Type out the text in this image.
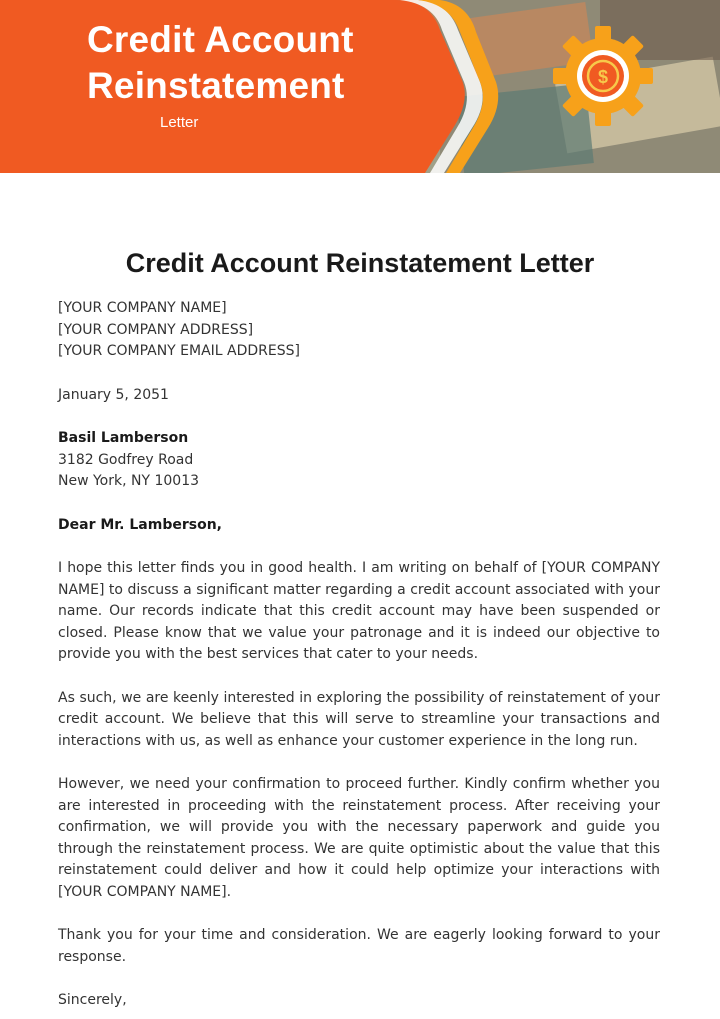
Credit Account Reinstatement
Letter
$
Credit Account Reinstatement Letter
[YOUR COMPANY NAME]
[YOUR COMPANY ADDRESS]
[YOUR COMPANY EMAIL ADDRESS]
January 5, 2051
Basil Lamberson
3182 Godfrey Road
New York, NY 10013
Dear Mr. Lamberson,

I hope this letter finds you in good health. I am writing on behalf of [YOUR COMPANY NAME] to discuss a significant matter regarding a credit account associated with your name. Our records indicate that this credit account may have been suspended or closed. Please know that we value your patronage and it is indeed our objective to provide you with the best services that cater to your needs.

As such, we are keenly interested in exploring the possibility of reinstatement of your credit account. We believe that this will serve to streamline your transactions and interactions with us, as well as enhance your customer experience in the long run.

However, we need your confirmation to proceed further. Kindly confirm whether you are interested in proceeding with the reinstatement process. After receiving your confirmation, we will provide you with the necessary paperwork and guide you through the reinstatement process. We are quite optimistic about the value that this reinstatement could deliver and how it could help optimize your interactions with [YOUR COMPANY NAME].

Thank you for your time and consideration. We are eagerly looking forward to your response.

Sincerely,
